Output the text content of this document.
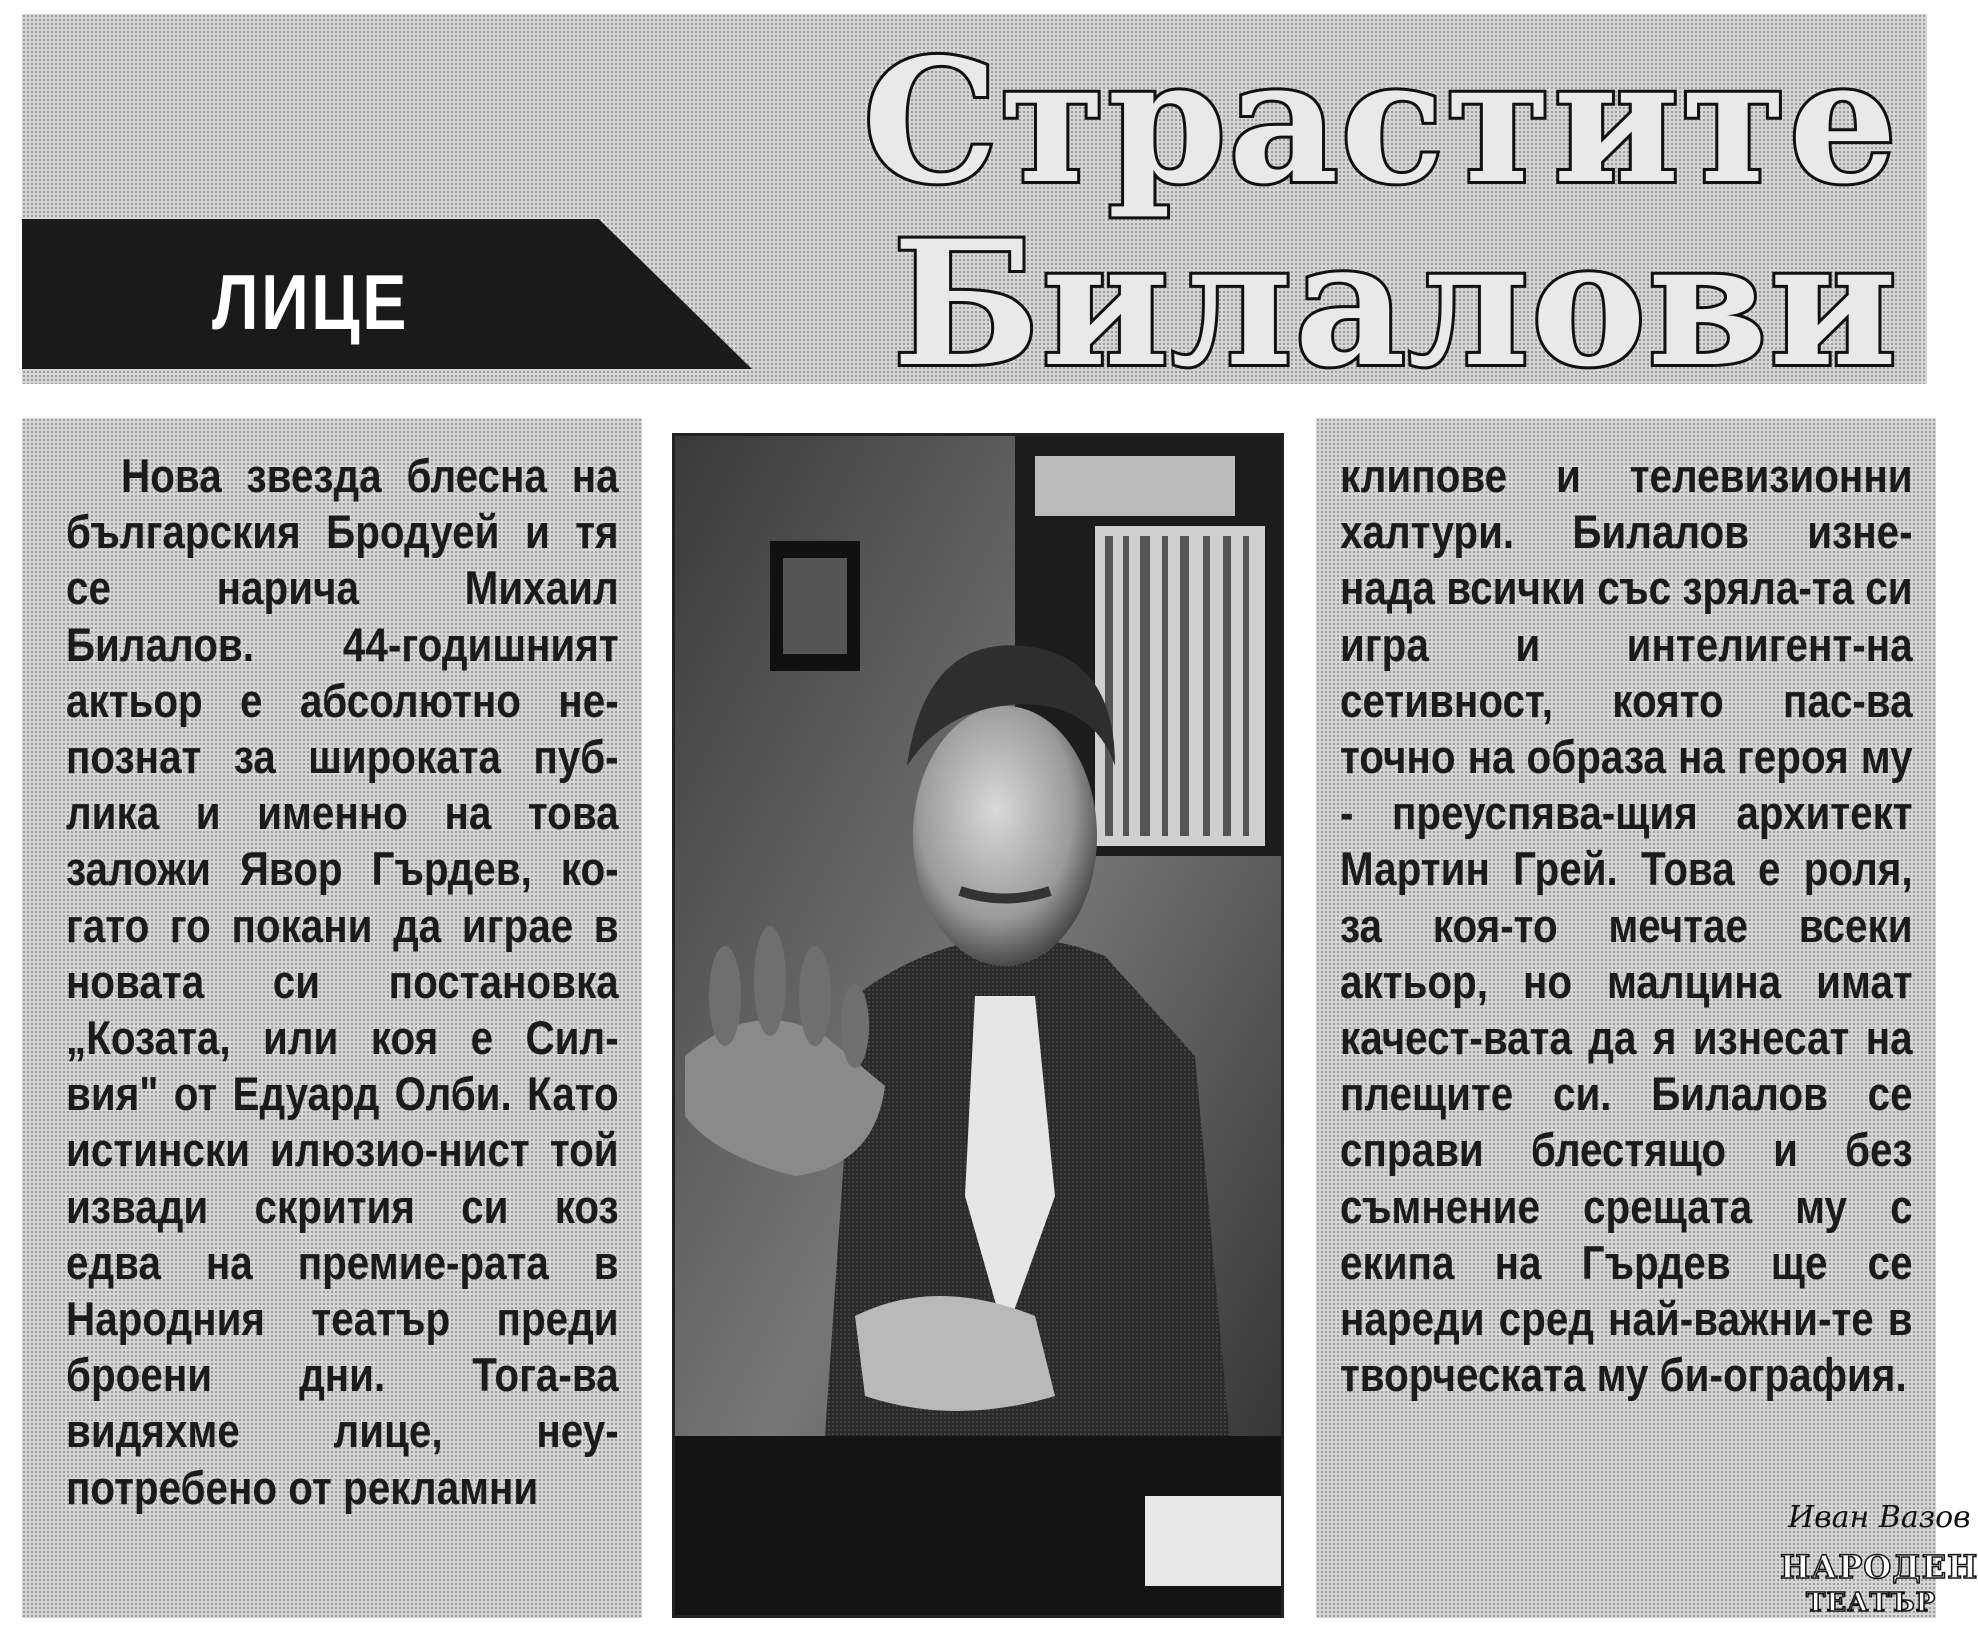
ЛИЦЕ
Страстите
Билалови
Нова звезда блесна на българския Бродуей и тя се нарича Михаил Билалов. 44-годишният актьор е абсолютно не-познат за широката пуб-лика и именно на това заложи Явор Гърдев, ко-гато го покани да играе в новата си постановка „Козата, или коя е Сил-вия" от Едуард Олби. Като истински илюзио-нист той извади скрития си коз едва на премие-рата в Народния театър преди броени дни. Тога-ва видяхме лице, неу-потребено от рекламни
клипове и телевизионни халтури. Билалов изне-нада всички със зряла-та си игра и интелигент-на сетивност, която пас-ва точно на образа на героя му - преуспява-щия архитект Мартин Грей. Това е роля, за коя-то мечтае всеки актьор, но малцина имат качест-вата да я изнесат на плещите си. Билалов се справи блестящо и без съмнение срещата му с екипа на Гърдев ще се нареди сред най-важни-те в творческата му би-ография.
Иван Вазов
НАРОДЕН
ТЕАТЪР
